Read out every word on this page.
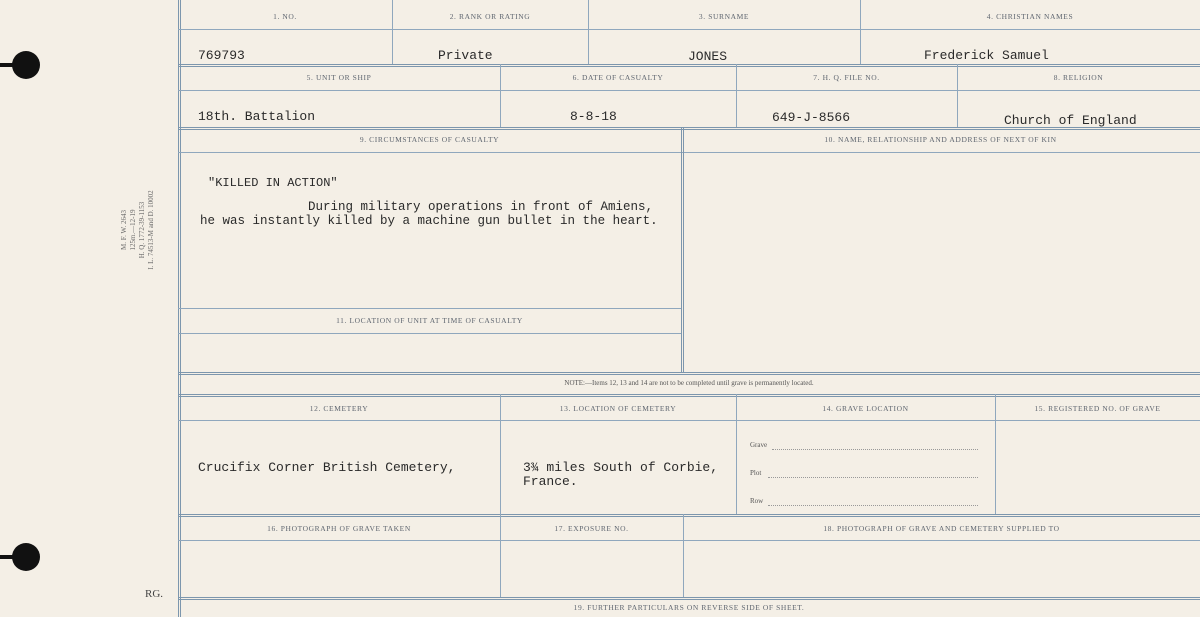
M. F. W. 2643 125m.—12-19 H. Q. 1772-39-1153 I. L. 74513-M and D. 10002
RG.
1. NO.	2. RANK OR RATING	3. SURNAME	4. CHRISTIAN NAMES
769793	Private	JONES	Frederick Samuel
5. UNIT OR SHIP	6. DATE OF CASUALTY	7. H. Q. FILE NO.	8. RELIGION
18th. Battalion	8-8-18	649-J-8566	Church of England
9. CIRCUMSTANCES OF CASUALTY	10. NAME, RELATIONSHIP AND ADDRESS OF NEXT OF KIN
"KILLED IN ACTION"
During military operations in front of Amiens,
he was instantly killed by a machine gun bullet in the heart.
11. LOCATION OF UNIT AT TIME OF CASUALTY
NOTE:—Items 12, 13 and 14 are not to be completed until grave is permanently located.
12. CEMETERY	13. LOCATION OF CEMETERY	14. GRAVE LOCATION	15. REGISTERED NO. OF GRAVE
Crucifix Corner British Cemetery,	3¾ miles South of Corbie,
France.
Grave
Plot
Row
16. PHOTOGRAPH OF GRAVE TAKEN	17. EXPOSURE NO.	18. PHOTOGRAPH OF GRAVE AND CEMETERY SUPPLIED TO
19. FURTHER PARTICULARS ON REVERSE SIDE OF SHEET.
